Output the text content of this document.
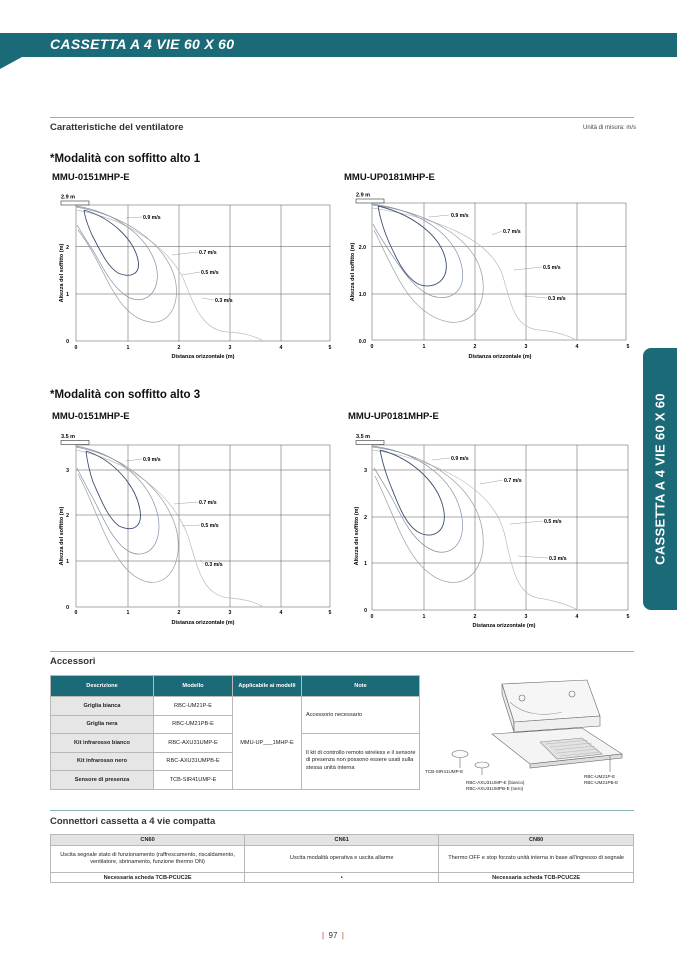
CASSETTA A 4 VIE 60 X 60
CASSETTA A 4 VIE 60 X 60
Caratteristiche del ventilatore	Unità di misura: m/s
*Modalità con soffitto alto 1
*Modalità con soffitto alto 3
MMU-0151MHP-E	MMU-UP0181MHP-E
MMU-0151MHP-E	MMU-UP0181MHP-E
2.9 m
0	1	2	3	4	5
0
1
2
Distanza orizzontale (m)
Altezza del soffitto (m)
0.9 m/s
0.7 m/s
0.5 m/s
0.3 m/s
2.9 m
0	1	2	3	4	5
0.0
1.0
2.0
Distanza orizzontale (m)
Altezza del soffitto (m)
0.9 m/s
0.7 m/s
0.5 m/s
0.3 m/s
3.5 m
0	1	2	3	4	5
0
1
2
3
Distanza orizzontale (m)
Altezza del soffitto (m)
0.9 m/s
0.7 m/s
0.5 m/s
0.3 m/s
3.5 m
0	1	2	3	4	5
0
1
2
3
Distanza orizzontale (m)
Altezza del soffitto (m)
0.9 m/s
0.7 m/s
0.5 m/s
0.3 m/s
Accessori
Descrizione	Modello	Applicabile ai modelli	Note
Griglia bianca	RBC-UM21P-E	MMU-UP___1MHP-E	Accessorio necessario
Griglia nera	RBC-UM21PB-E		
Kit infrarosso bianco	RBC-AXU31UMP-E		Il kit di controllo remoto wireless e il sensore di presenza non possono essere usati sulla stessa unità interna
Kit infrarosso nero	RBC-AXU31UMPB-E		
Sensore di presenza	TCB-SIR41UMP-E		
TCB-SIR41UMP-E
RBC-AXU31UMP-E (bianco)
RBC-AXU31UMPB-E (nero)
RBC-UM21P-E
RBC-UM21PB-E
Connettori cassetta a 4 vie compatta
CN60	CN61	CN80
Uscita segnale stato di funzionamento (raffrescamento, riscaldamento, ventilatore, sbrinamento, funzione thermo ON)	Uscita modalità operativa e uscita allarme	Thermo OFF e stop forzato unità interna in base all'ingresso di segnale
Necessaria scheda TCB-PCUC2E	•	Necessaria scheda TCB-PCUC2E
| 97 |
